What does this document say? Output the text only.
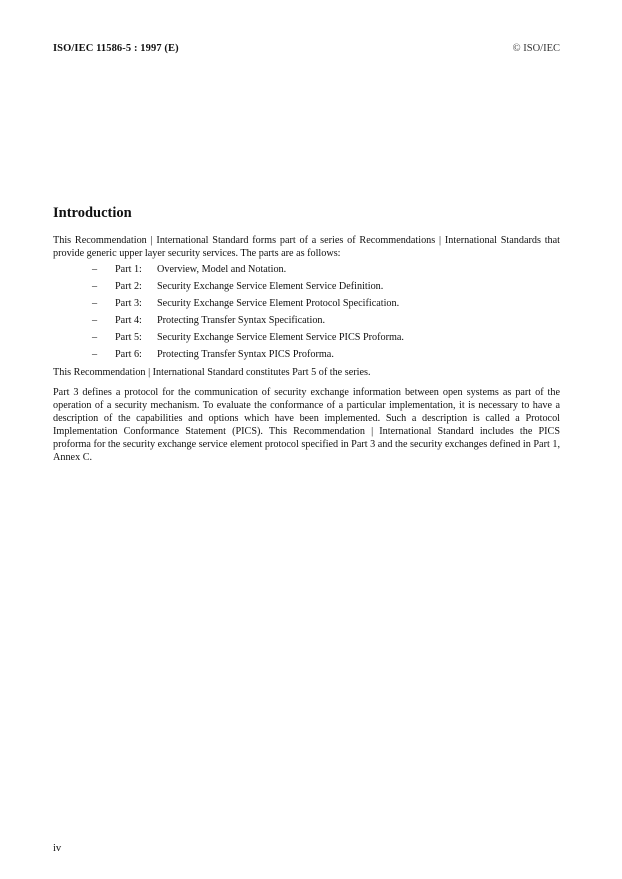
ISO/IEC 11586-5 : 1997 (E)	© ISO/IEC
Introduction

This Recommendation | International Standard forms part of a series of Recommendations | International Standards that provide generic upper layer security services. The parts are as follows:

– Part 1: Overview, Model and Notation.
– Part 2: Security Exchange Service Element Service Definition.
– Part 3: Security Exchange Service Element Protocol Specification.
– Part 4: Protecting Transfer Syntax Specification.
– Part 5: Security Exchange Service Element Service PICS Proforma.
– Part 6: Protecting Transfer Syntax PICS Proforma.

This Recommendation | International Standard constitutes Part 5 of the series.

Part 3 defines a protocol for the communication of security exchange information between open systems as part of the operation of a security mechanism. To evaluate the conformance of a particular implementation, it is necessary to have a description of the capabilities and options which have been implemented. Such a description is called a Protocol Implementation Conformance Statement (PICS). This Recommendation | International Standard includes the PICS proforma for the security exchange service element protocol specified in Part 3 and the security exchanges defined in Part 1, Annex C.

iv
